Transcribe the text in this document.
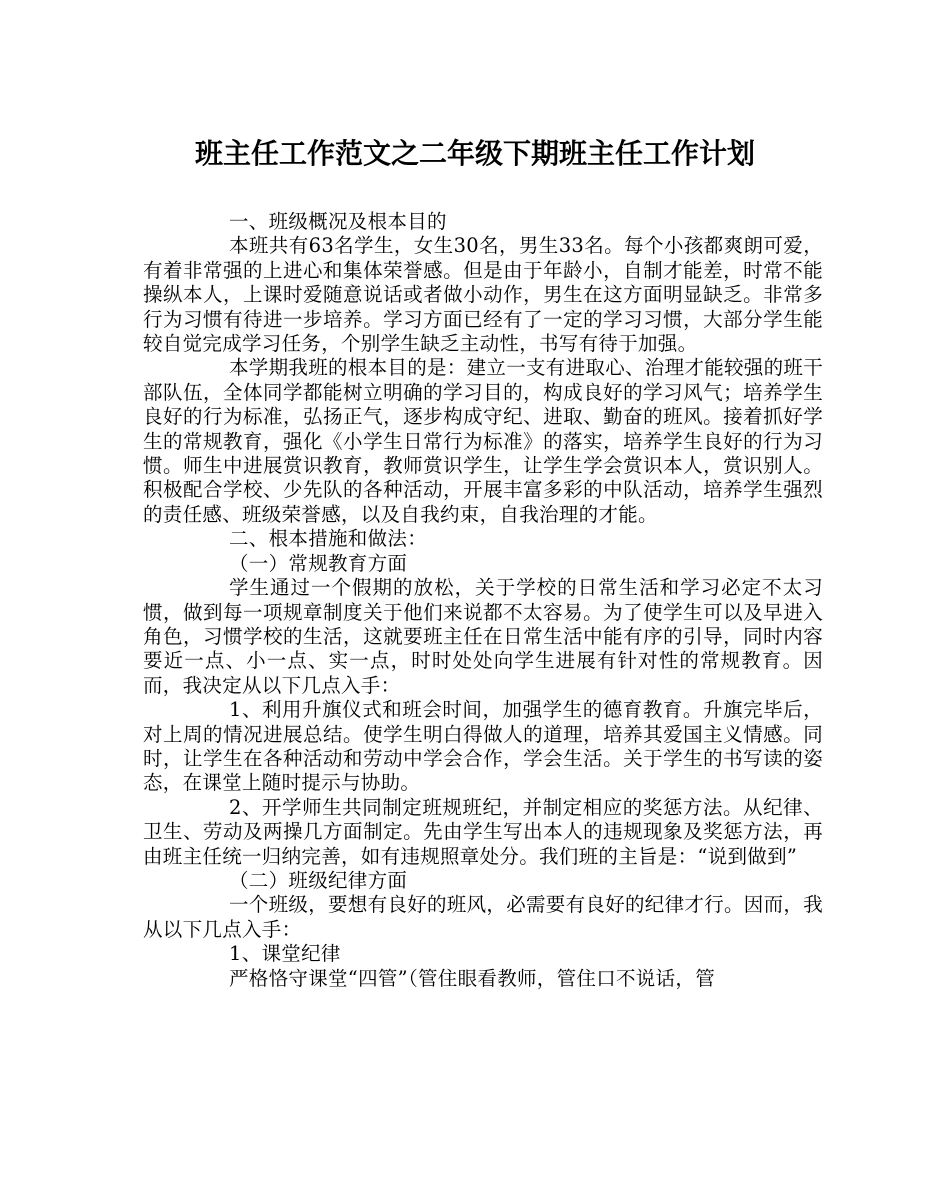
班主任工作范文之二年级下期班主任工作计划

一、班级概况及根本目的

本班共有63名学生，女生30名，男生33名。每个小孩都爽朗可爱，有着非常强的上进心和集体荣誉感。但是由于年龄小，自制才能差，时常不能操纵本人，上课时爱随意说话或者做小动作，男生在这方面明显缺乏。非常多行为习惯有待进一步培养。学习方面已经有了一定的学习习惯，大部分学生能较自觉完成学习任务，个别学生缺乏主动性，书写有待于加强。

本学期我班的根本目的是：建立一支有进取心、治理才能较强的班干部队伍，全体同学都能树立明确的学习目的，构成良好的学习风气；培养学生良好的行为标准，弘扬正气，逐步构成守纪、进取、勤奋的班风。接着抓好学生的常规教育，强化《小学生日常行为标准》的落实，培养学生良好的行为习惯。师生中进展赏识教育，教师赏识学生，让学生学会赏识本人，赏识别人。积极配合学校、少先队的各种活动，开展丰富多彩的中队活动，培养学生强烈的责任感、班级荣誉感，以及自我约束，自我治理的才能。

二、根本措施和做法：

（一）常规教育方面

学生通过一个假期的放松，关于学校的日常生活和学习必定不太习惯，做到每一项规章制度关于他们来说都不太容易。为了使学生可以及早进入角色，习惯学校的生活，这就要班主任在日常生活中能有序的引导，同时内容要近一点、小一点、实一点，时时处处向学生进展有针对性的常规教育。因而，我决定从以下几点入手：

1、利用升旗仪式和班会时间，加强学生的德育教育。升旗完毕后，对上周的情况进展总结。使学生明白得做人的道理，培养其爱国主义情感。同时，让学生在各种活动和劳动中学会合作，学会生活。关于学生的书写读的姿态，在课堂上随时提示与协助。

2、开学师生共同制定班规班纪，并制定相应的奖惩方法。从纪律、卫生、劳动及两操几方面制定。先由学生写出本人的违规现象及奖惩方法，再由班主任统一归纳完善，如有违规照章处分。我们班的主旨是：“说到做到”

（二）班级纪律方面

一个班级，要想有良好的班风，必需要有良好的纪律才行。因而，我从以下几点入手：

1、课堂纪律

严格恪守课堂“四管”（管住眼看教师，管住口不说话，管
